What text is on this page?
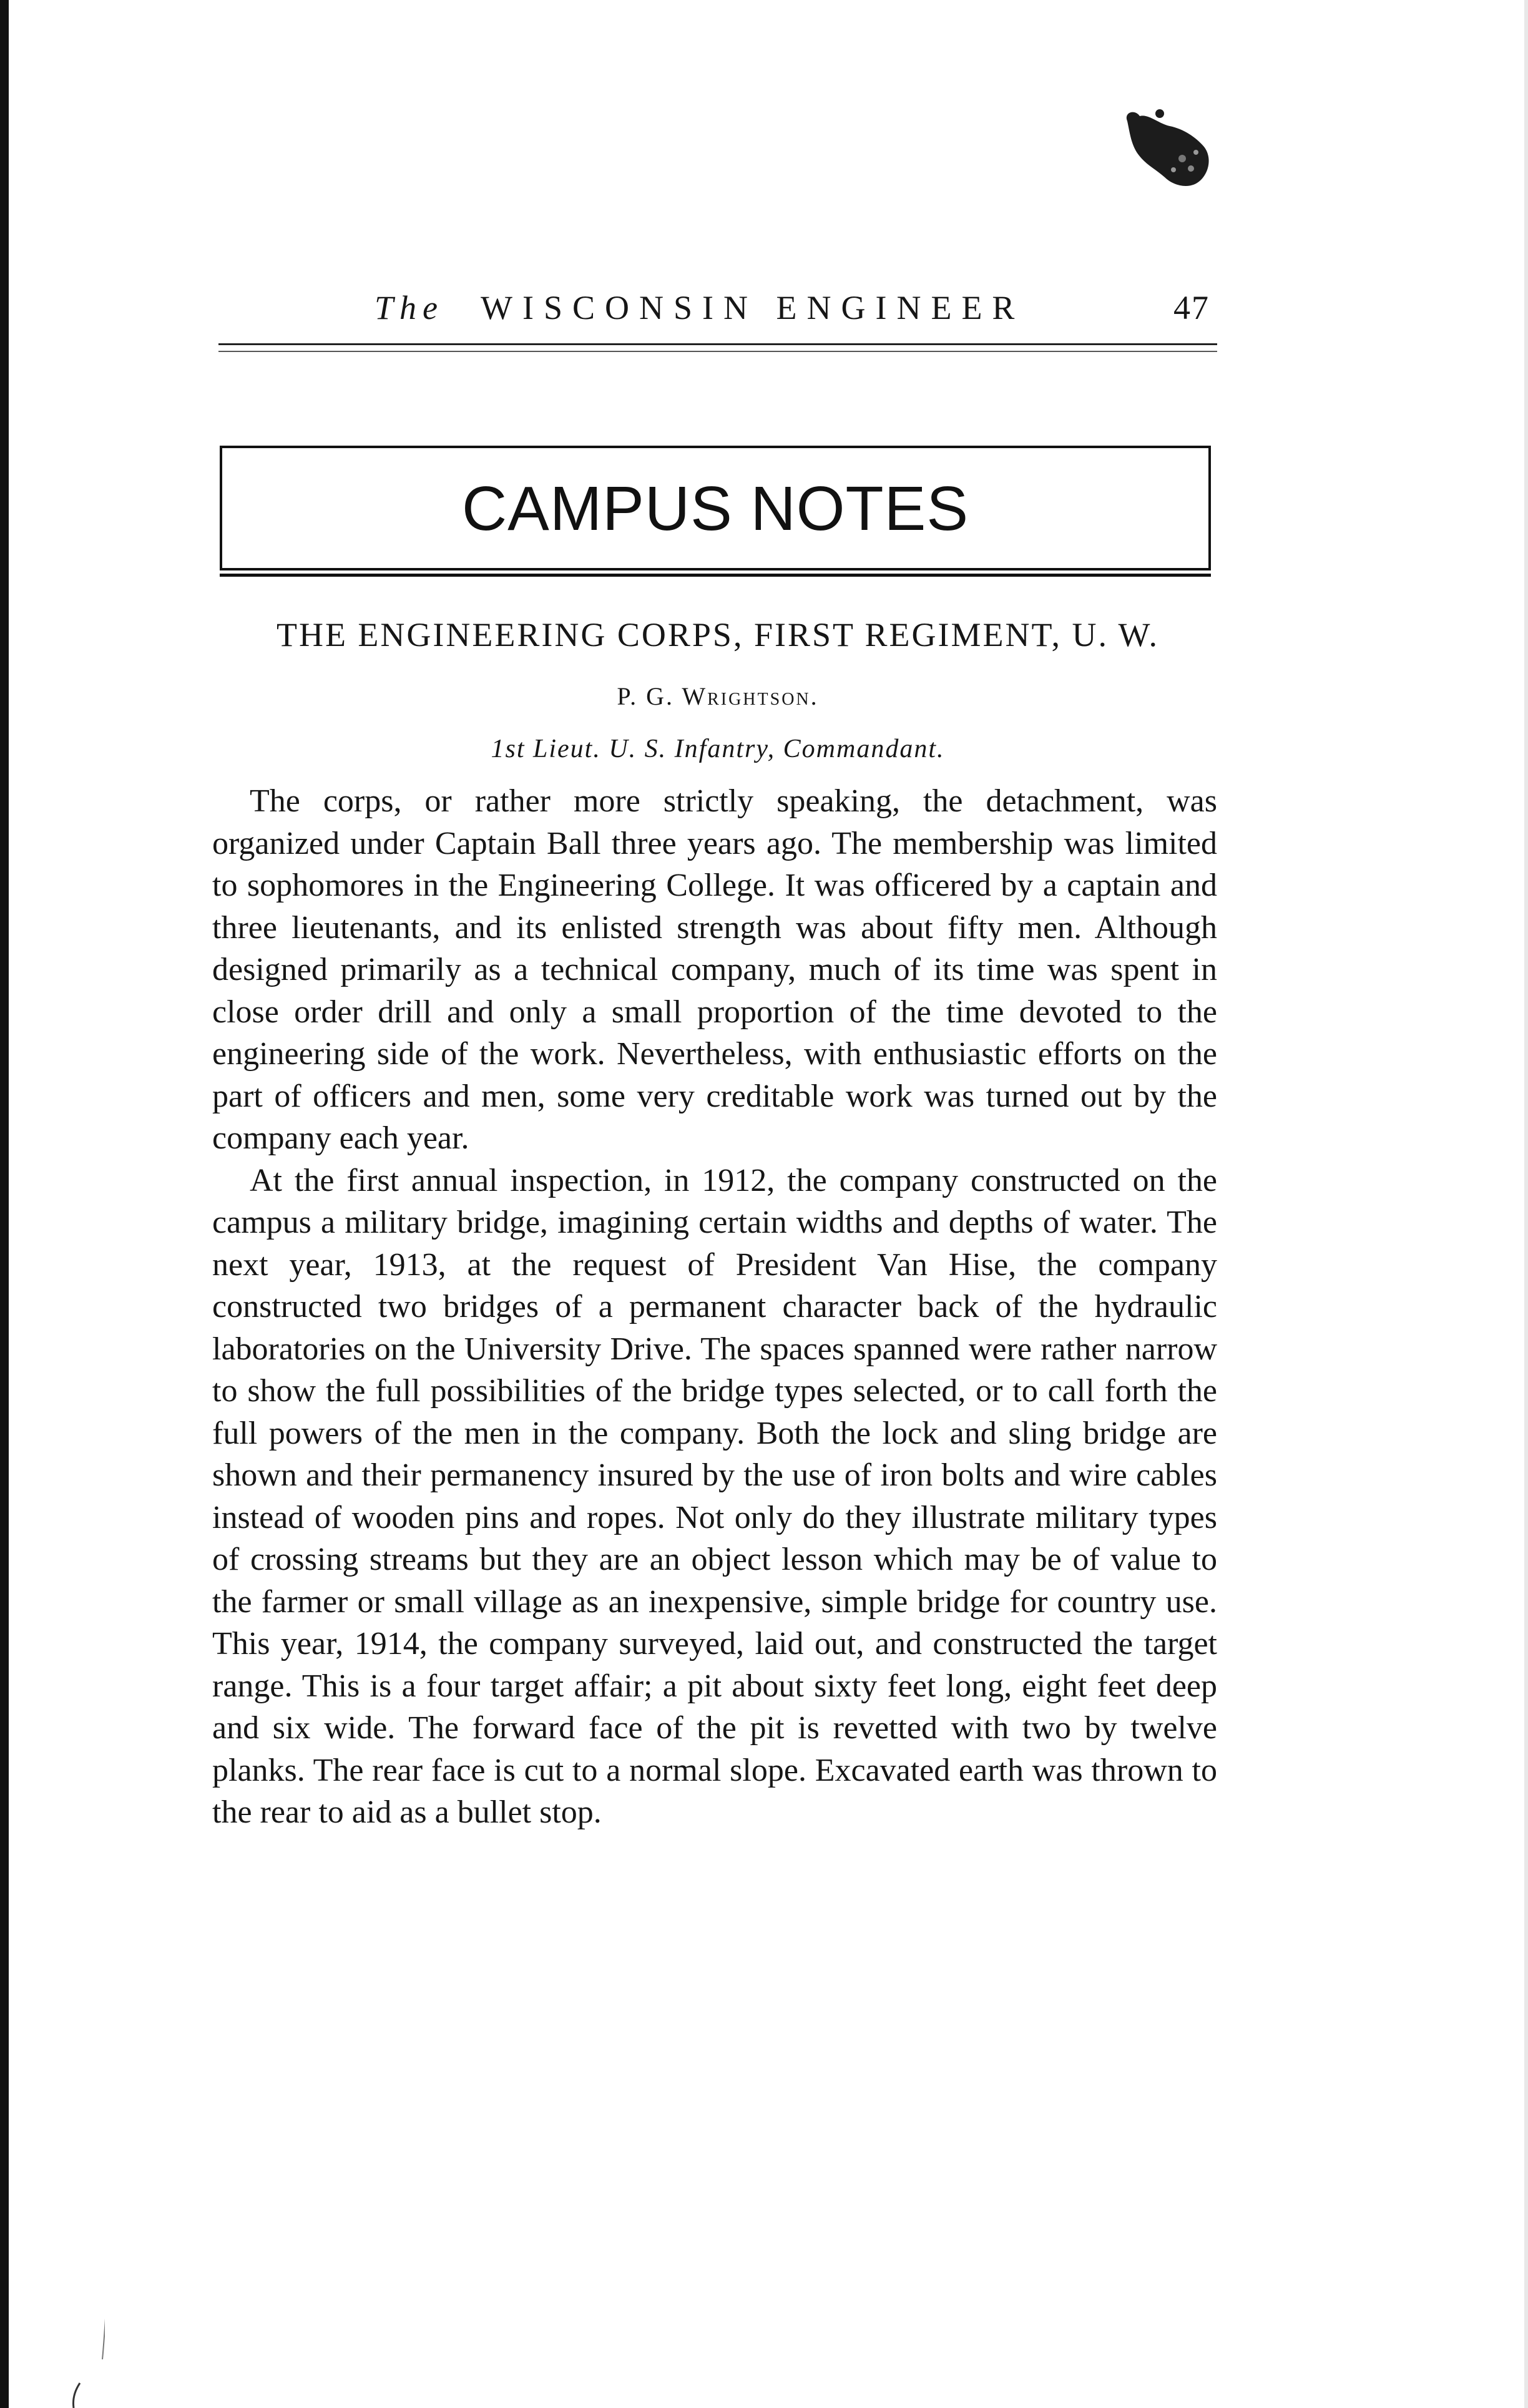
The WISCONSIN ENGINEER	47
CAMPUS NOTES
THE ENGINEERING CORPS, FIRST REGIMENT, U. W.
P. G. Wrightson.
1st Lieut. U. S. Infantry, Commandant.

The corps, or rather more strictly speaking, the detachment, was organized under Captain Ball three years ago. The membership was limited to sophomores in the Engineering College. It was officered by a captain and three lieutenants, and its enlisted strength was about fifty men. Although designed primarily as a technical company, much of its time was spent in close order drill and only a small proportion of the time devoted to the engineering side of the work. Nevertheless, with enthusiastic efforts on the part of officers and men, some very creditable work was turned out by the company each year.

At the first annual inspection, in 1912, the company constructed on the campus a military bridge, imagining certain widths and depths of water. The next year, 1913, at the request of President Van Hise, the company constructed two bridges of a permanent character back of the hydraulic laboratories on the University Drive. The spaces spanned were rather narrow to show the full possibilities of the bridge types selected, or to call forth the full powers of the men in the company. Both the lock and sling bridge are shown and their permanency insured by the use of iron bolts and wire cables instead of wooden pins and ropes. Not only do they illustrate military types of crossing streams but they are an object lesson which may be of value to the farmer or small village as an inexpensive, simple bridge for country use. This year, 1914, the company surveyed, laid out, and constructed the target range. This is a four target affair; a pit about sixty feet long, eight feet deep and six wide. The forward face of the pit is revetted with two by twelve planks. The rear face is cut to a normal slope. Excavated earth was thrown to the rear to aid as a bullet stop.
